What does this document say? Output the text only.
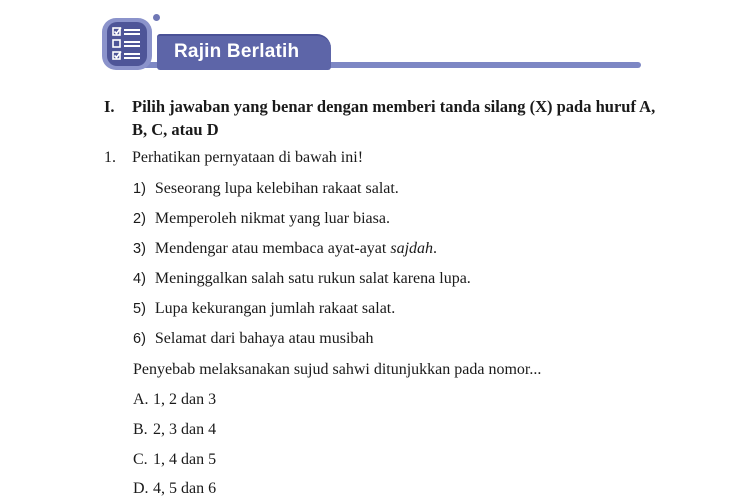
Rajin Berlatih
I. Pilih jawaban yang benar dengan memberi tanda silang (X) pada huruf A, B, C, atau D
1. Perhatikan pernyataan di bawah ini!
1) Seseorang lupa kelebihan rakaat salat.
2) Memperoleh nikmat yang luar biasa.
3) Mendengar atau membaca ayat-ayat sajdah.
4) Meninggalkan salah satu rukun salat karena lupa.
5) Lupa kekurangan jumlah rakaat salat.
6) Selamat dari bahaya atau musibah
Penyebab melaksanakan sujud sahwi ditunjukkan pada nomor...
A. 1, 2 dan 3
B. 2, 3 dan 4
C. 1, 4 dan 5
D. 4, 5 dan 6
